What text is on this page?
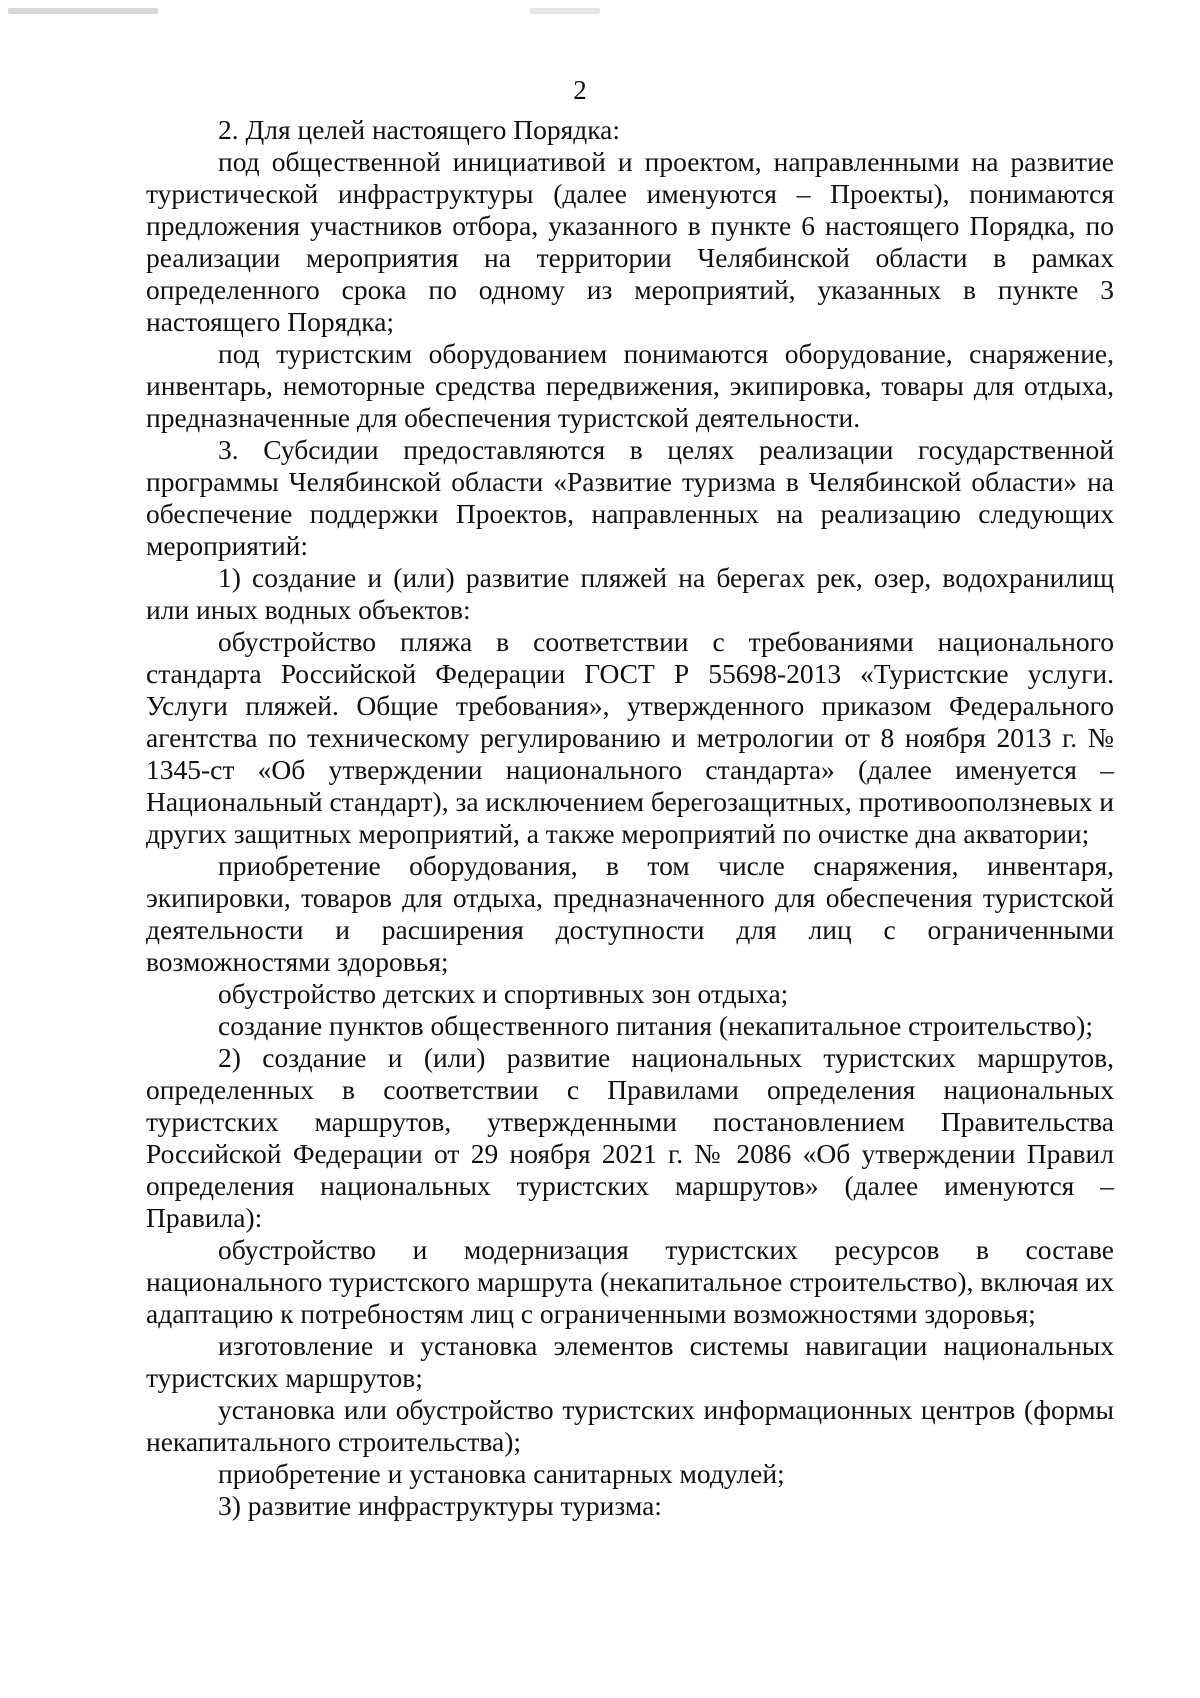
2

2. Для целей настоящего Порядка:

под общественной инициативой и проектом, направленными на развитие туристической инфраструктуры (далее именуются – Проекты), понимаются предложения участников отбора, указанного в пункте 6 настоящего Порядка, по реализации мероприятия на территории Челябинской области в рамках определенного срока по одному из мероприятий, указанных в пункте 3 настоящего Порядка;

под туристским оборудованием понимаются оборудование, снаряжение, инвентарь, немоторные средства передвижения, экипировка, товары для отдыха, предназначенные для обеспечения туристской деятельности.

3. Субсидии предоставляются в целях реализации государственной программы Челябинской области «Развитие туризма в Челябинской области» на обеспечение поддержки Проектов, направленных на реализацию следующих мероприятий:

1) создание и (или) развитие пляжей на берегах рек, озер, водохранилищ или иных водных объектов:

обустройство пляжа в соответствии с требованиями национального стандарта Российской Федерации ГОСТ Р 55698-2013 «Туристские услуги. Услуги пляжей. Общие требования», утвержденного приказом Федерального агентства по техническому регулированию и метрологии от 8 ноября 2013 г. № 1345-ст «Об утверждении национального стандарта» (далее именуется – Национальный стандарт), за исключением берегозащитных, противооползневых и других защитных мероприятий, а также мероприятий по очистке дна акватории;

приобретение оборудования, в том числе снаряжения, инвентаря, экипировки, товаров для отдыха, предназначенного для обеспечения туристской деятельности и расширения доступности для лиц с ограниченными возможностями здоровья;

обустройство детских и спортивных зон отдыха;

создание пунктов общественного питания (некапитальное строительство);

2) создание и (или) развитие национальных туристских маршрутов, определенных в соответствии с Правилами определения национальных туристских маршрутов, утвержденными постановлением Правительства Российской Федерации от 29 ноября 2021 г. № 2086 «Об утверждении Правил определения национальных туристских маршрутов» (далее именуются – Правила):

обустройство и модернизация туристских ресурсов в составе национального туристского маршрута (некапитальное строительство), включая их адаптацию к потребностям лиц с ограниченными возможностями здоровья;

изготовление и установка элементов системы навигации национальных туристских маршрутов;

установка или обустройство туристских информационных центров (формы некапитального строительства);

приобретение и установка санитарных модулей;

3) развитие инфраструктуры туризма:
